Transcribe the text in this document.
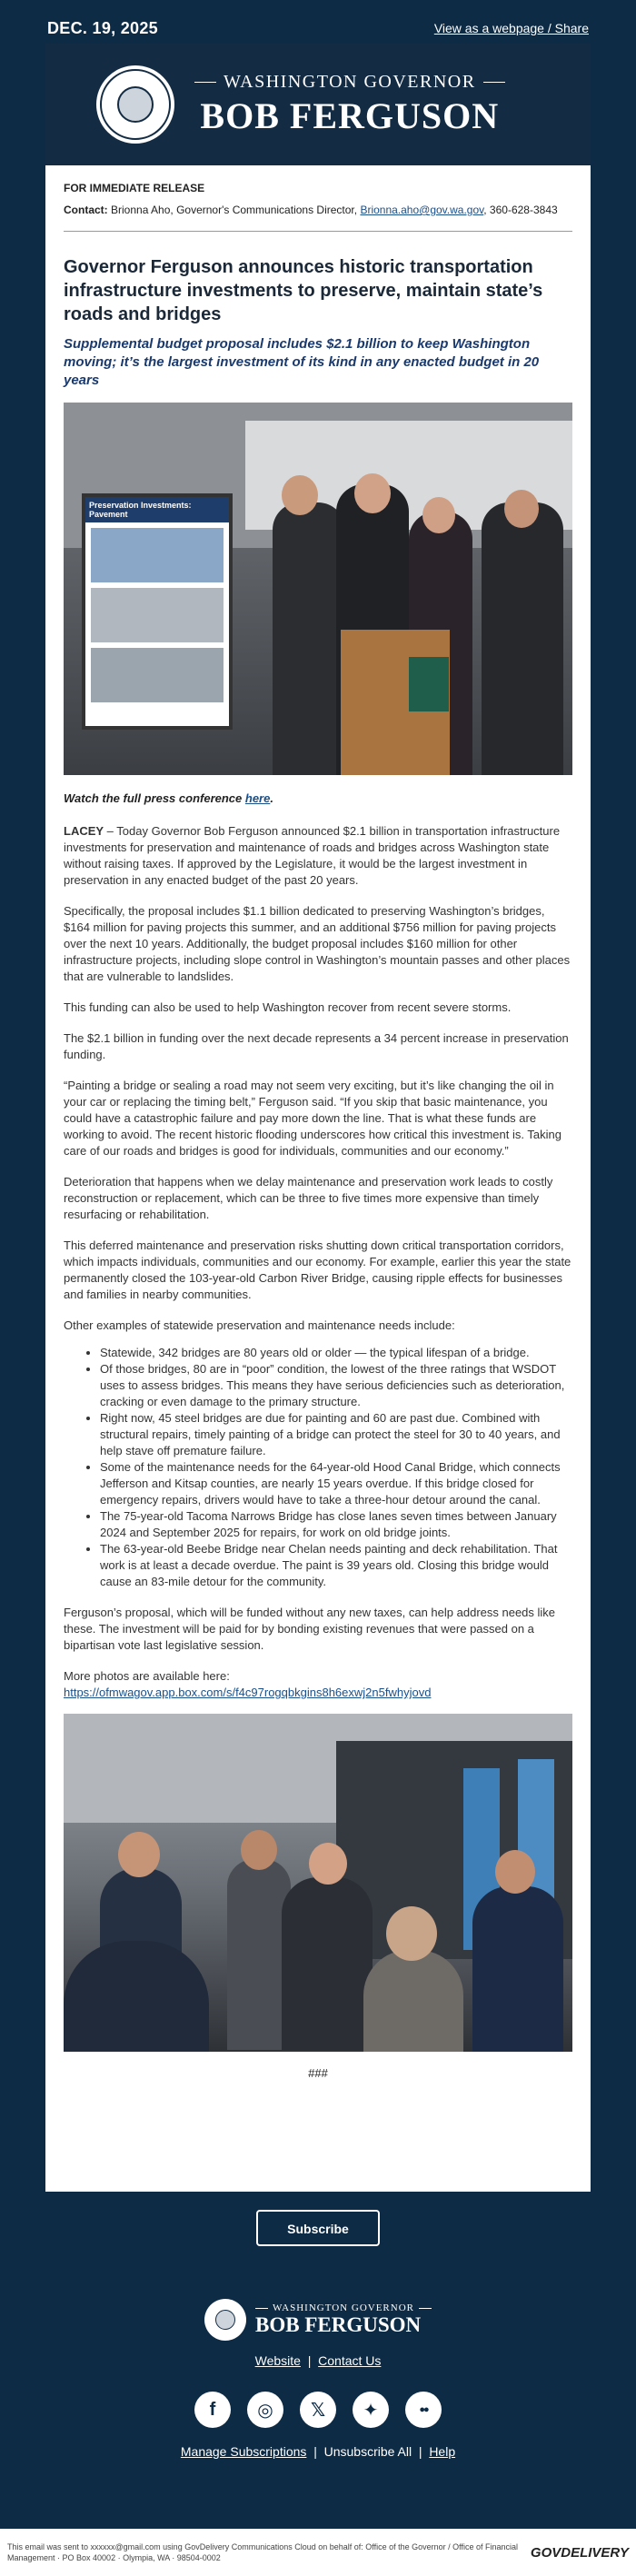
DEC. 19, 2025	View as a webpage / Share
WASHINGTON GOVERNOR
BOB FERGUSON
FOR IMMEDIATE RELEASE
Contact: Brionna Aho, Governor's Communications Director, Brionna.aho@gov.wa.gov, 360-628-3843
Governor Ferguson announces historic transportation infrastructure investments to preserve, maintain state’s roads and bridges
Supplemental budget proposal includes $2.1 billion to keep Washington moving; it’s the largest investment of its kind in any enacted budget in 20 years
Preservation Investments: Pavement
Watch the full press conference here.

LACEY – Today Governor Bob Ferguson announced $2.1 billion in transportation infrastructure investments for preservation and maintenance of roads and bridges across Washington state without raising taxes. If approved by the Legislature, it would be the largest investment in preservation in any enacted budget of the past 20 years.

Specifically, the proposal includes $1.1 billion dedicated to preserving Washington’s bridges, $164 million for paving projects this summer, and an additional $756 million for paving projects over the next 10 years. Additionally, the budget proposal includes $160 million for other infrastructure projects, including slope control in Washington’s mountain passes and other places that are vulnerable to landslides.

This funding can also be used to help Washington recover from recent severe storms.

The $2.1 billion in funding over the next decade represents a 34 percent increase in preservation funding.

“Painting a bridge or sealing a road may not seem very exciting, but it’s like changing the oil in your car or replacing the timing belt,” Ferguson said. “If you skip that basic maintenance, you could have a catastrophic failure and pay more down the line. That is what these funds are working to avoid. The recent historic flooding underscores how critical this investment is. Taking care of our roads and bridges is good for individuals, communities and our economy.”

Deterioration that happens when we delay maintenance and preservation work leads to costly reconstruction or replacement, which can be three to five times more expensive than timely resurfacing or rehabilitation.

This deferred maintenance and preservation risks shutting down critical transportation corridors, which impacts individuals, communities and our economy. For example, earlier this year the state permanently closed the 103-year-old Carbon River Bridge, causing ripple effects for businesses and families in nearby communities.

Other examples of statewide preservation and maintenance needs include:

• Statewide, 342 bridges are 80 years old or older — the typical lifespan of a bridge.
• Of those bridges, 80 are in “poor” condition, the lowest of the three ratings that WSDOT uses to assess bridges. This means they have serious deficiencies such as deterioration, cracking or even damage to the primary structure.
• Right now, 45 steel bridges are due for painting and 60 are past due. Combined with structural repairs, timely painting of a bridge can protect the steel for 30 to 40 years, and help stave off premature failure.
• Some of the maintenance needs for the 64-year-old Hood Canal Bridge, which connects Jefferson and Kitsap counties, are nearly 15 years overdue. If this bridge closed for emergency repairs, drivers would have to take a three-hour detour around the canal.
• The 75-year-old Tacoma Narrows Bridge has close lanes seven times between January 2024 and September 2025 for repairs, for work on old bridge joints.
• The 63-year-old Beebe Bridge near Chelan needs painting and deck rehabilitation. That work is at least a decade overdue. The paint is 39 years old. Closing this bridge would cause an 83-mile detour for the community.

Ferguson’s proposal, which will be funded without any new taxes, can help address needs like these. The investment will be paid for by bonding existing revenues that were passed on a bipartisan vote last legislative session.

More photos are available here:
https://ofmwagov.app.box.com/s/f4c97rogqbkgins8h6exwj2n5fwhyjovd

###
Subscribe
WASHINGTON GOVERNOR
BOB FERGUSON
Website | Contact Us
f	◎	𝕏	✦	●●
Manage Subscriptions | Unsubscribe All | Help
This email was sent to xxxxxx@gmail.com using GovDelivery Communications Cloud on behalf of: Office of the Governor / Office of Financial Management · PO Box 40002 · Olympia, WA · 98504-0002	GOVDELIVERY
